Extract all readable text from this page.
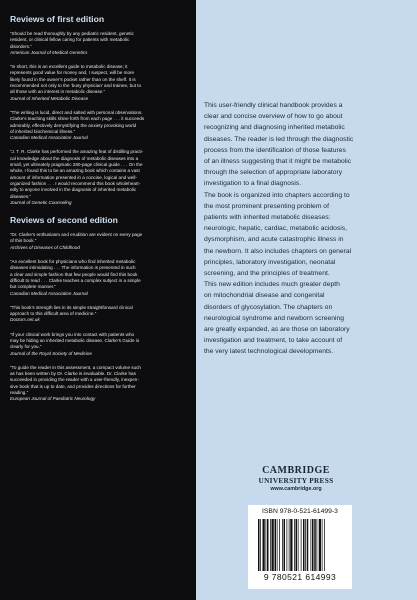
Reviews of first edition
“Should be read thoroughly by any pediatric resident, genetic
resident, or clinical fellow caring for patients with metabolic
disorders.”
American Journal of Medical Genetics
“In short, this is an excellent guide to metabolic disease; it
represents good value for money and, I suspect, will be more
likely found in the owner’s pocket rather than on the shelf. It is
recommended not only to the ‘busy physician’ and trainee, but to
all those with an interest in metabolic disease.”
Journal of Inherited Metabolic Disease
“The writing is lucid, direct and salted with personal observations.
Clarke’s teaching skills shine forth from each page . . . it succeeds
admirably, effectively demystifying the anxiety provoking world
of inherited biochemical illness.”
Canadian Medical Association Journal
“J. T. R. Clarke has performed the amazing feat of distilling practi-
cal knowledge about the diagnosis of metabolic diseases into a
small, yet ultimately pragmatic 280-page clinical guide . . . On the
whole, I found this to be an amazing book which contains a vast
amount of information presented in a concise, logical and well-
organized fashion . . . I would recommend this book wholeheart-
edly to anyone involved in the diagnosis of inherited metabolic
diseases.”
Journal of Genetic Counseling
Reviews of second edition
“Dr. Clarke’s enthusiasm and erudition are evident on every page
of this book.”
Archives of Diseases of Childhood
“An excellent book for physicians who find inherited metabolic
diseases intimidating . . . The information is presented in such
a clear and simple fashion that few people would find this book
difficult to read . . . Clarke teaches a complex subject in a simple
but complete manner.”
Canadian Medical Association Journal
“This book’s strength lies in its simple straightforward clinical
approach to this difficult area of medicine.”
Doctors.net.uk
“If your clinical work brings you into contact with patients who
may be hiding an inherited metabolic disease, Clarke’s Guide is
clearly for you.”
Journal of the Royal Society of Medicine
“To guide the reader in this assessment, a compact volume such
as has been written by Dr. Clarke is invaluable. Dr. Clarke has
succeeded in providing the reader with a user-friendly, inexpen-
sive book that is up to date, and provides directions for further
reading.”
European Journal of Paediatric Neurology

This user-friendly clinical handbook provides a

clear and concise overview of how to go about

recognizing and diagnosing inherited metabolic

diseases. The reader is led through the diagnostic

process from the identification of those features

of an illness suggesting that it might be metabolic

through the selection of appropriate laboratory

investigation to a final diagnosis.

The book is organized into chapters according to

the most prominent presenting problem of

patients with inherited metabolic diseases:

neurologic, hepatic, cardiac, metabolic acidosis,

dysmorphism, and acute catastrophic illness in

the newborn. It also includes chapters on general

principles, laboratory investigation, neonatal

screening, and the principles of treatment.

This new edition includes much greater depth

on mitochondrial disease and congenital

disorders of glycosylation. The chapters on

neurological syndrome and newborn screening

are greatly expanded, as are those on laboratory

investigation and treatment, to take account of

the very latest technological developments.

CAMBRIDGE
UNIVERSITY PRESS
www.cambridge.org
ISBN 978-0-521-61499-3
9 780521 614993
